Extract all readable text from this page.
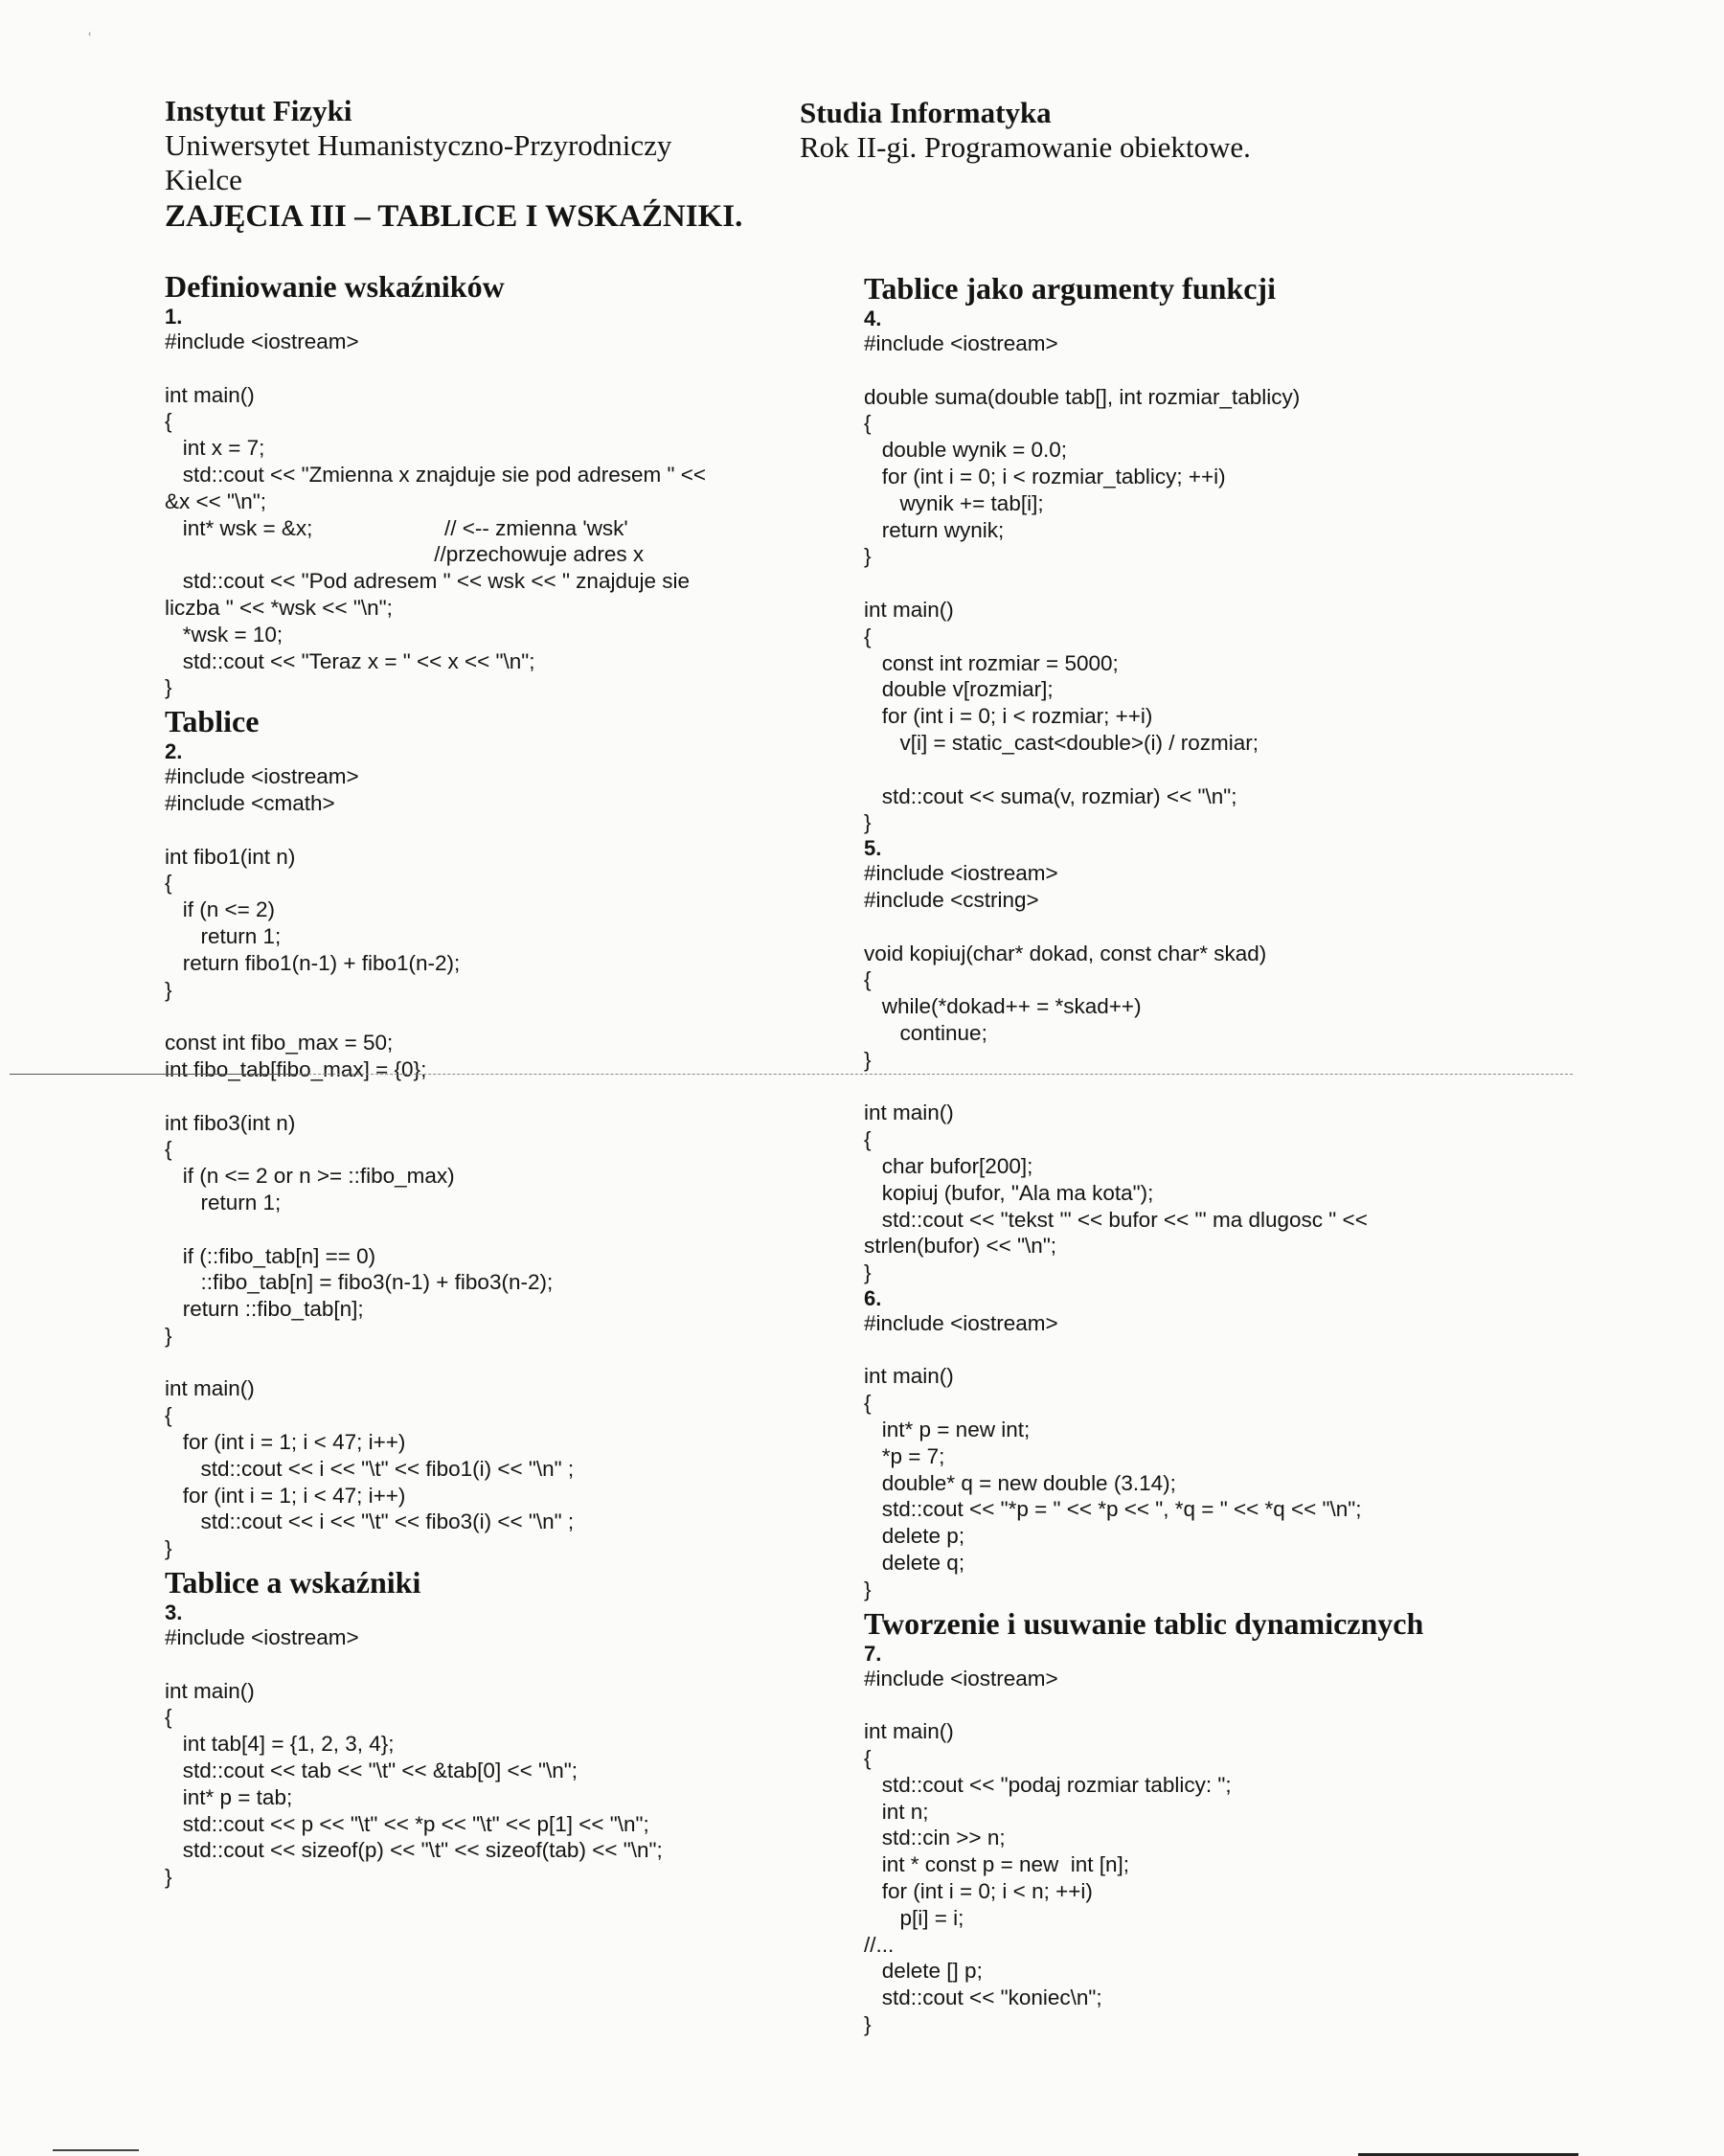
Instytut Fizyki
Uniwersytet Humanistyczno-Przyrodniczy
Kielce
ZAJĘCIA III – TABLICE I WSKAŹNIKI.
Studia Informatyka
Rok II-gi. Programowanie obiektowe.
Definiowanie wskaźników
1.
#include <iostream>

int main()
{
int x = 7;
std::cout << "Zmienna x znajduje sie pod adresem " <<
&x << "\n";
int* wsk = &x;                      // <-- zmienna 'wsk'
//przechowuje adres x
std::cout << "Pod adresem " << wsk << " znajduje sie
liczba " << *wsk << "\n";
*wsk = 10;
std::cout << "Teraz x = " << x << "\n";
}
Tablice
2.
#include <iostream>
#include <cmath>

int fibo1(int n)
{
if (n <= 2)
return 1;
return fibo1(n-1) + fibo1(n-2);
}

const int fibo_max = 50;
int fibo_tab[fibo_max] = {0};

int fibo3(int n)
{
if (n <= 2 or n >= ::fibo_max)
return 1;

if (::fibo_tab[n] == 0)
::fibo_tab[n] = fibo3(n-1) + fibo3(n-2);
return ::fibo_tab[n];
}

int main()
{
for (int i = 1; i < 47; i++)
std::cout << i << "\t" << fibo1(i) << "\n" ;
for (int i = 1; i < 47; i++)
std::cout << i << "\t" << fibo3(i) << "\n" ;
}
Tablice a wskaźniki
3.
#include <iostream>

int main()
{
int tab[4] = {1, 2, 3, 4};
std::cout << tab << "\t" << &tab[0] << "\n";
int* p = tab;
std::cout << p << "\t" << *p << "\t" << p[1] << "\n";
std::cout << sizeof(p) << "\t" << sizeof(tab) << "\n";
}
Tablice jako argumenty funkcji
4.
#include <iostream>

double suma(double tab[], int rozmiar_tablicy)
{
double wynik = 0.0;
for (int i = 0; i < rozmiar_tablicy; ++i)
wynik += tab[i];
return wynik;
}

int main()
{
const int rozmiar = 5000;
double v[rozmiar];
for (int i = 0; i < rozmiar; ++i)
v[i] = static_cast<double>(i) / rozmiar;

std::cout << suma(v, rozmiar) << "\n";
}
5.
#include <iostream>
#include <cstring>

void kopiuj(char* dokad, const char* skad)
{
while(*dokad++ = *skad++)
continue;
}

int main()
{
char bufor[200];
kopiuj (bufor, "Ala ma kota");
std::cout << "tekst '" << bufor << "' ma dlugosc " <<
strlen(bufor) << "\n";
}
6.
#include <iostream>

int main()
{
int* p = new int;
*p = 7;
double* q = new double (3.14);
std::cout << "*p = " << *p << ", *q = " << *q << "\n";
delete p;
delete q;
}
Tworzenie i usuwanie tablic dynamicznych
7.
#include <iostream>

int main()
{
std::cout << "podaj rozmiar tablicy: ";
int n;
std::cin >> n;
int * const p = new  int [n];
for (int i = 0; i < n; ++i)
p[i] = i;
//...
delete [] p;
std::cout << "koniec\n";
}
ʿ
